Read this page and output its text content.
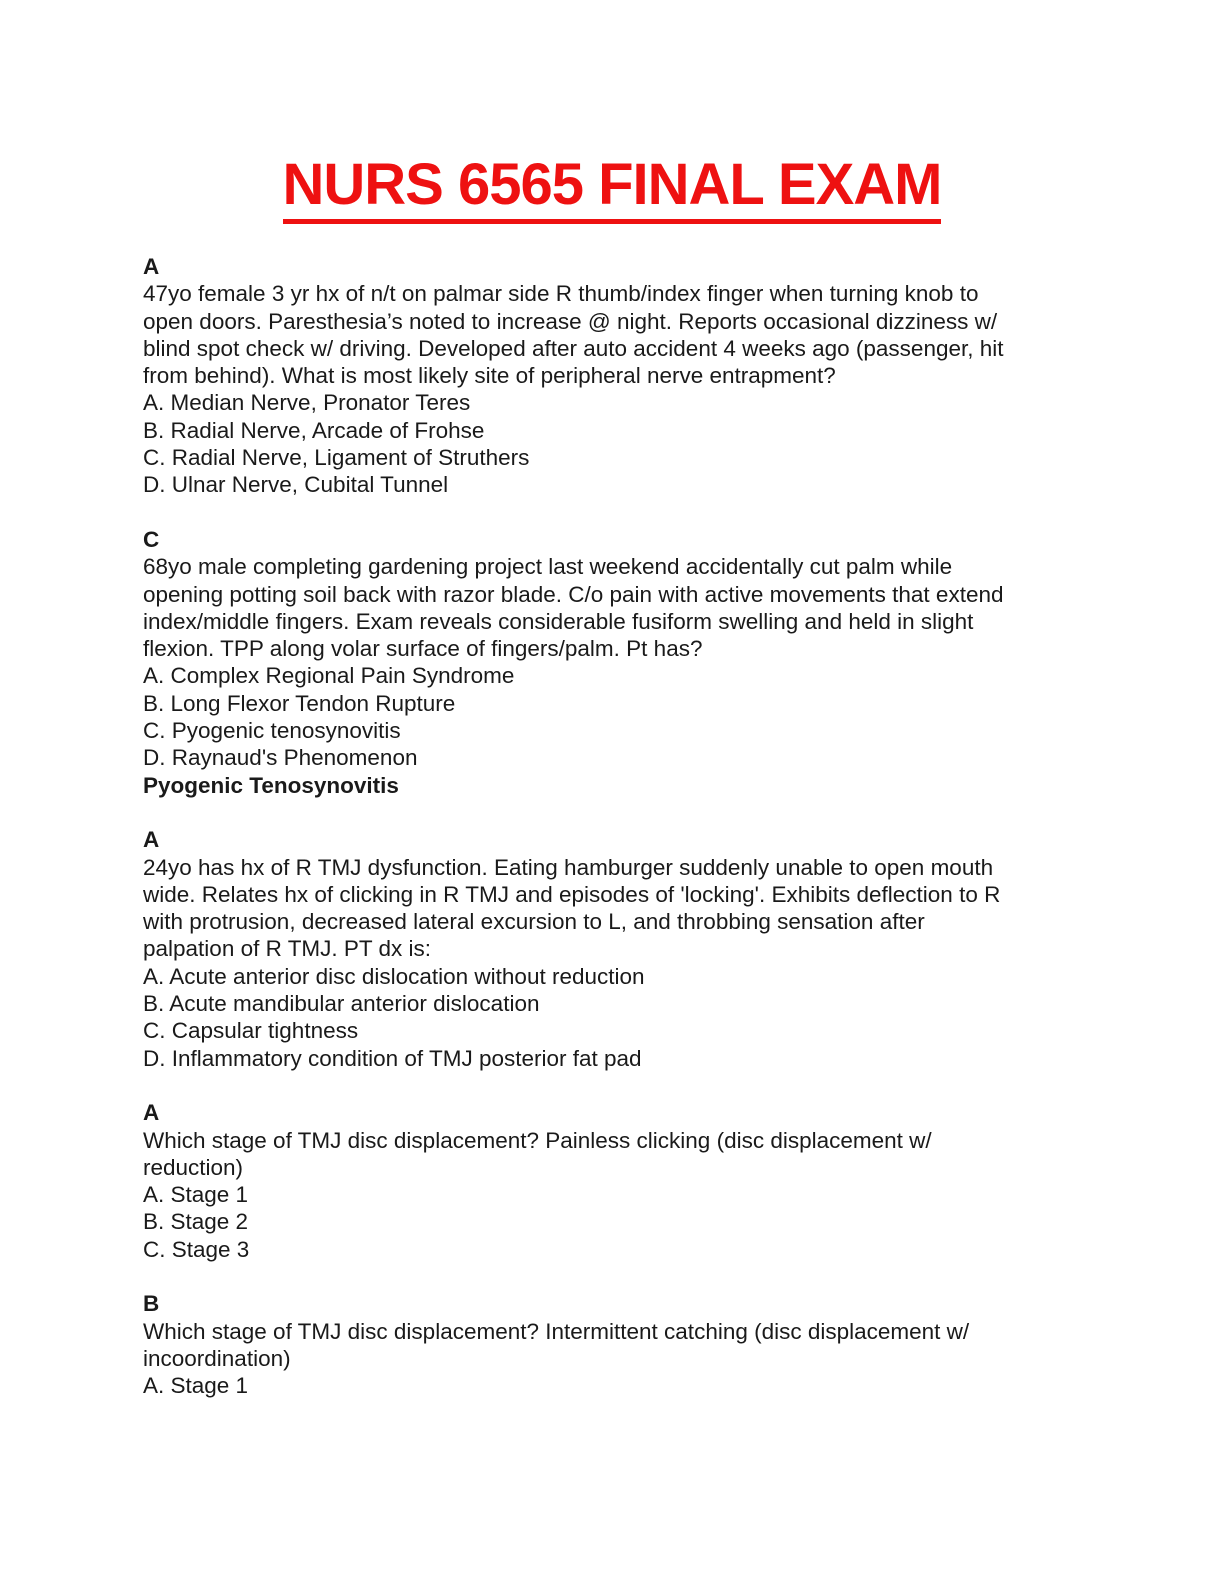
NURS 6565 FINAL EXAM
A
47yo female 3 yr hx of n/t on palmar side R thumb/index finger when turning knob to
open doors. Paresthesia’s noted to increase @ night. Reports occasional dizziness w/
blind spot check w/ driving. Developed after auto accident 4 weeks ago (passenger, hit
from behind). What is most likely site of peripheral nerve entrapment?
A. Median Nerve, Pronator Teres
B. Radial Nerve, Arcade of Frohse
C. Radial Nerve, Ligament of Struthers
D. Ulnar Nerve, Cubital Tunnel
C
68yo male completing gardening project last weekend accidentally cut palm while
opening potting soil back with razor blade. C/o pain with active movements that extend
index/middle fingers. Exam reveals considerable fusiform swelling and held in slight
flexion. TPP along volar surface of fingers/palm. Pt has?
A. Complex Regional Pain Syndrome
B. Long Flexor Tendon Rupture
C. Pyogenic tenosynovitis
D. Raynaud's Phenomenon
Pyogenic Tenosynovitis
A
24yo has hx of R TMJ dysfunction. Eating hamburger suddenly unable to open mouth
wide. Relates hx of clicking in R TMJ and episodes of 'locking'. Exhibits deflection to R
with protrusion, decreased lateral excursion to L, and throbbing sensation after
palpation of R TMJ. PT dx is:
A. Acute anterior disc dislocation without reduction
B. Acute mandibular anterior dislocation
C. Capsular tightness
D. Inflammatory condition of TMJ posterior fat pad
A
Which stage of TMJ disc displacement? Painless clicking (disc displacement w/
reduction)
A. Stage 1
B. Stage 2
C. Stage 3
B
Which stage of TMJ disc displacement? Intermittent catching (disc displacement w/
incoordination)
A. Stage 1
